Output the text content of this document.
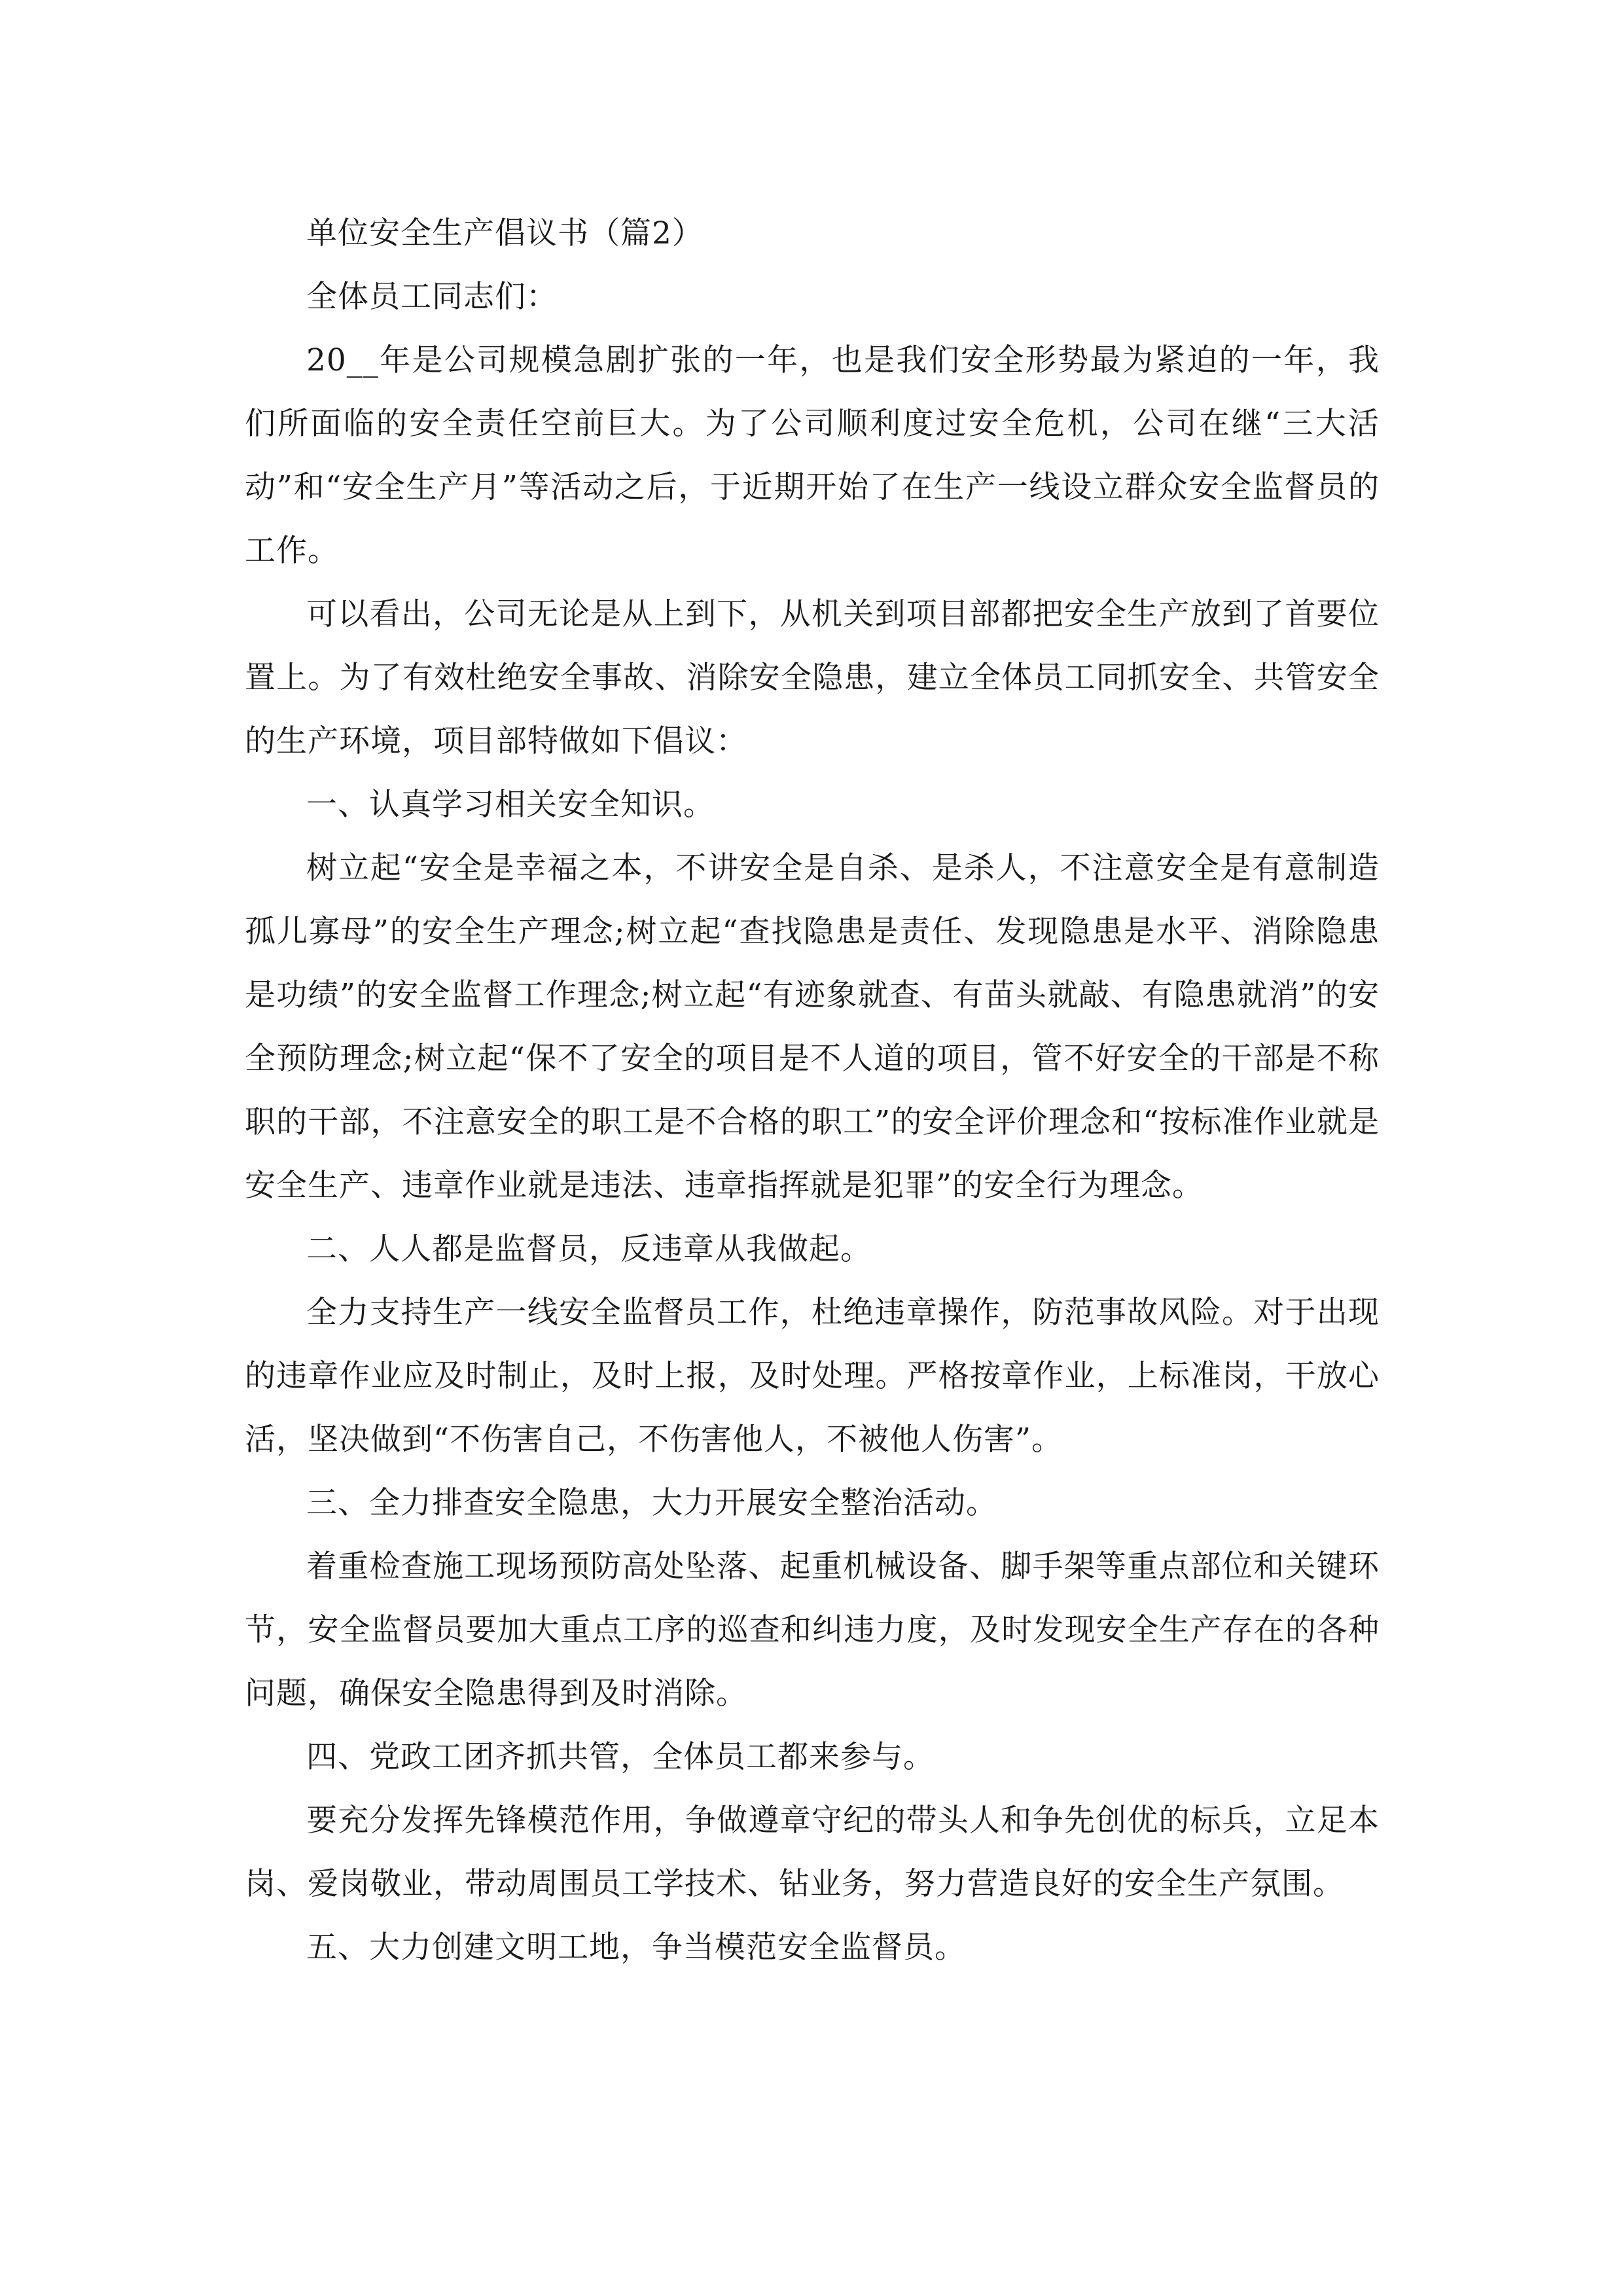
单位安全生产倡议书（篇2）

全体员工同志们：

20__年是公司规模急剧扩张的一年，也是我们安全形势最为紧迫的一年，我们所面临的安全责任空前巨大。为了公司顺利度过安全危机，公司在继“三大活动”和“安全生产月”等活动之后，于近期开始了在生产一线设立群众安全监督员的工作。

可以看出，公司无论是从上到下，从机关到项目部都把安全生产放到了首要位置上。为了有效杜绝安全事故、消除安全隐患，建立全体员工同抓安全、共管安全的生产环境，项目部特做如下倡议：

一、认真学习相关安全知识。

树立起“安全是幸福之本，不讲安全是自杀、是杀人，不注意安全是有意制造孤儿寡母”的安全生产理念;树立起“查找隐患是责任、发现隐患是水平、消除隐患是功绩”的安全监督工作理念;树立起“有迹象就查、有苗头就敲、有隐患就消”的安全预防理念;树立起“保不了安全的项目是不人道的项目，管不好安全的干部是不称职的干部，不注意安全的职工是不合格的职工”的安全评价理念和“按标准作业就是安全生产、违章作业就是违法、违章指挥就是犯罪”的安全行为理念。

二、人人都是监督员，反违章从我做起。

全力支持生产一线安全监督员工作，杜绝违章操作，防范事故风险。对于出现的违章作业应及时制止，及时上报，及时处理。严格按章作业，上标准岗，干放心活，坚决做到“不伤害自己，不伤害他人，不被他人伤害”。

三、全力排查安全隐患，大力开展安全整治活动。

着重检查施工现场预防高处坠落、起重机械设备、脚手架等重点部位和关键环节，安全监督员要加大重点工序的巡查和纠违力度，及时发现安全生产存在的各种问题，确保安全隐患得到及时消除。

四、党政工团齐抓共管，全体员工都来参与。

要充分发挥先锋模范作用，争做遵章守纪的带头人和争先创优的标兵，立足本岗、爱岗敬业，带动周围员工学技术、钻业务，努力营造良好的安全生产氛围。

五、大力创建文明工地，争当模范安全监督员。
